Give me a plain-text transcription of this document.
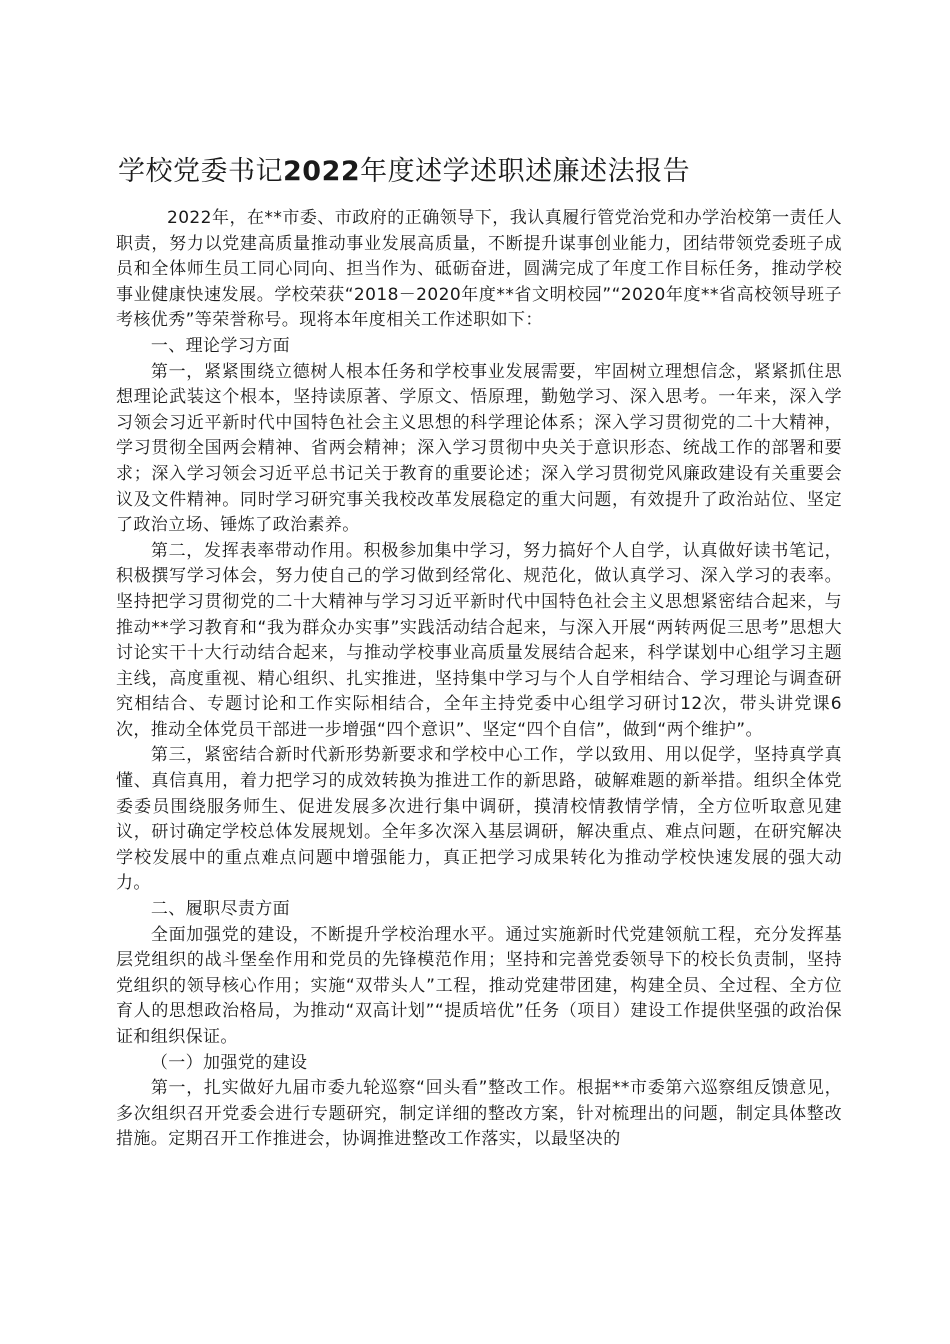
学校党委书记2022年度述学述职述廉述法报告

2022年，在**市委、市政府的正确领导下，我认真履行管党治党和办学治校第一责任人职责，努力以党建高质量推动事业发展高质量，不断提升谋事创业能力，团结带领党委班子成员和全体师生员工同心同向、担当作为、砥砺奋进，圆满完成了年度工作目标任务，推动学校事业健康快速发展。学校荣获“2018－2020年度**省文明校园”“2020年度**省高校领导班子考核优秀”等荣誉称号。现将本年度相关工作述职如下：

一、理论学习方面

第一，紧紧围绕立德树人根本任务和学校事业发展需要，牢固树立理想信念，紧紧抓住思想理论武装这个根本，坚持读原著、学原文、悟原理，勤勉学习、深入思考。一年来，深入学习领会习近平新时代中国特色社会主义思想的科学理论体系；深入学习贯彻党的二十大精神，学习贯彻全国两会精神、省两会精神；深入学习贯彻中央关于意识形态、统战工作的部署和要求；深入学习领会习近平总书记关于教育的重要论述；深入学习贯彻党风廉政建设有关重要会议及文件精神。同时学习研究事关我校改革发展稳定的重大问题，有效提升了政治站位、坚定了政治立场、锤炼了政治素养。

第二，发挥表率带动作用。积极参加集中学习，努力搞好个人自学，认真做好读书笔记，积极撰写学习体会，努力使自己的学习做到经常化、规范化，做认真学习、深入学习的表率。坚持把学习贯彻党的二十大精神与学习习近平新时代中国特色社会主义思想紧密结合起来，与推动**学习教育和“我为群众办实事”实践活动结合起来，与深入开展“两转两促三思考”思想大讨论实干十大行动结合起来，与推动学校事业高质量发展结合起来，科学谋划中心组学习主题主线，高度重视、精心组织、扎实推进，坚持集中学习与个人自学相结合、学习理论与调查研究相结合、专题讨论和工作实际相结合，全年主持党委中心组学习研讨12次，带头讲党课6次，推动全体党员干部进一步增强“四个意识”、坚定“四个自信”，做到“两个维护”。

第三，紧密结合新时代新形势新要求和学校中心工作，学以致用、用以促学，坚持真学真懂、真信真用，着力把学习的成效转换为推进工作的新思路，破解难题的新举措。组织全体党委委员围绕服务师生、促进发展多次进行集中调研，摸清校情教情学情，全方位听取意见建议，研讨确定学校总体发展规划。全年多次深入基层调研，解决重点、难点问题，在研究解决学校发展中的重点难点问题中增强能力，真正把学习成果转化为推动学校快速发展的强大动力。

二、履职尽责方面

全面加强党的建设，不断提升学校治理水平。通过实施新时代党建领航工程，充分发挥基层党组织的战斗堡垒作用和党员的先锋模范作用；坚持和完善党委领导下的校长负责制，坚持党组织的领导核心作用；实施“双带头人”工程，推动党建带团建，构建全员、全过程、全方位育人的思想政治格局，为推动“双高计划”“提质培优”任务（项目）建设工作提供坚强的政治保证和组织保证。

（一）加强党的建设

第一，扎实做好九届市委九轮巡察“回头看”整改工作。根据**市委第六巡察组反馈意见，多次组织召开党委会进行专题研究，制定详细的整改方案，针对梳理出的问题，制定具体整改措施。定期召开工作推进会，协调推进整改工作落实，以最坚决的
